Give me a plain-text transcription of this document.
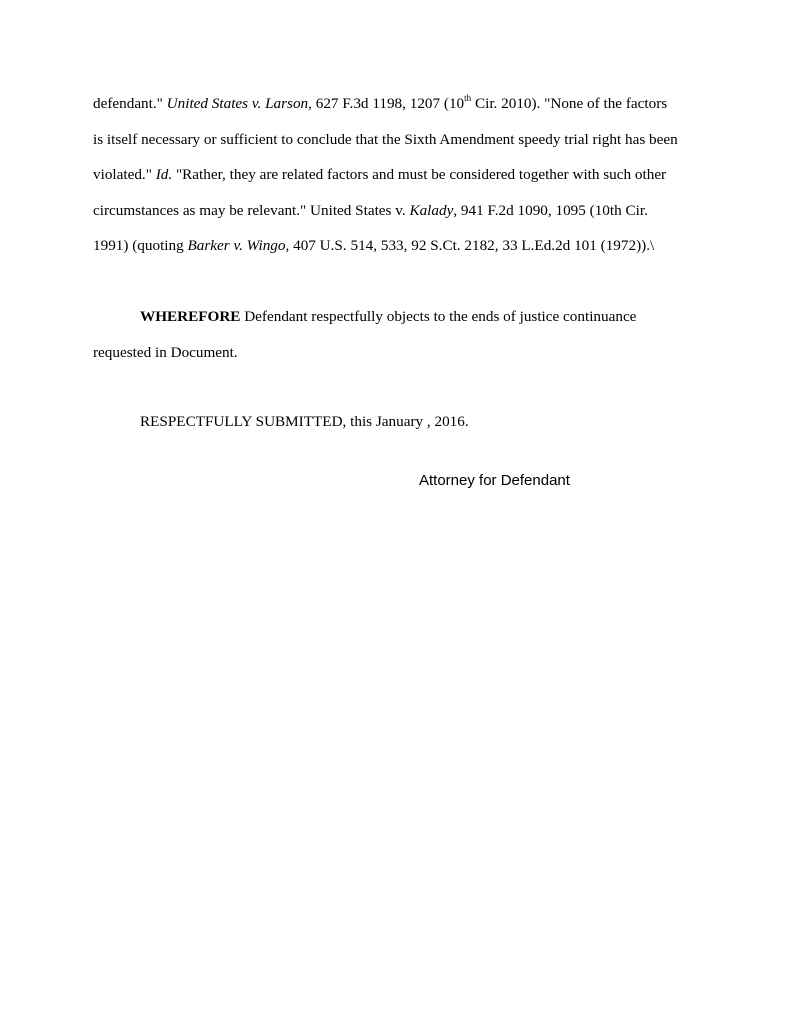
defendant." United States v. Larson, 627 F.3d 1198, 1207 (10th Cir. 2010). "None of the factors
is itself necessary or sufficient to conclude that the Sixth Amendment speedy trial right has been
violated." Id. "Rather, they are related factors and must be considered together with such other
circumstances as may be relevant." United States v. Kalady, 941 F.2d 1090, 1095 (10th Cir.
1991) (quoting Barker v. Wingo, 407 U.S. 514, 533, 92 S.Ct. 2182, 33 L.Ed.2d 101 (1972)).\
WHEREFORE Defendant respectfully objects to the ends of justice continuance
requested in Document.
RESPECTFULLY SUBMITTED, this January , 2016.
Attorney for Defendant
